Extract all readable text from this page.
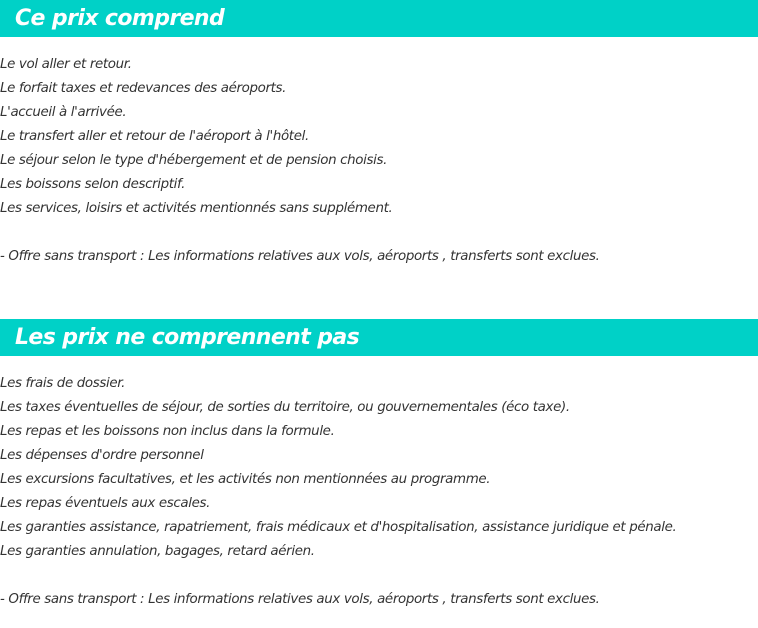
Ce prix comprend
Le vol aller et retour.
Le forfait taxes et redevances des aéroports.
L'accueil à l'arrivée.
Le transfert aller et retour de l'aéroport à l'hôtel.
Le séjour selon le type d'hébergement et de pension choisis.
Les boissons selon descriptif.
Les services, loisirs et activités mentionnés sans supplément.
- Offre sans transport : Les informations relatives aux vols, aéroports , transferts sont exclues.
Les prix ne comprennent pas
Les frais de dossier.
Les taxes éventuelles de séjour, de sorties du territoire, ou gouvernementales (éco taxe).
Les repas et les boissons non inclus dans la formule.
Les dépenses d'ordre personnel
Les excursions facultatives, et les activités non mentionnées au programme.
Les repas éventuels aux escales.
Les garanties assistance, rapatriement, frais médicaux et d'hospitalisation, assistance juridique et pénale.
Les garanties annulation, bagages, retard aérien.
- Offre sans transport : Les informations relatives aux vols, aéroports , transferts sont exclues.
